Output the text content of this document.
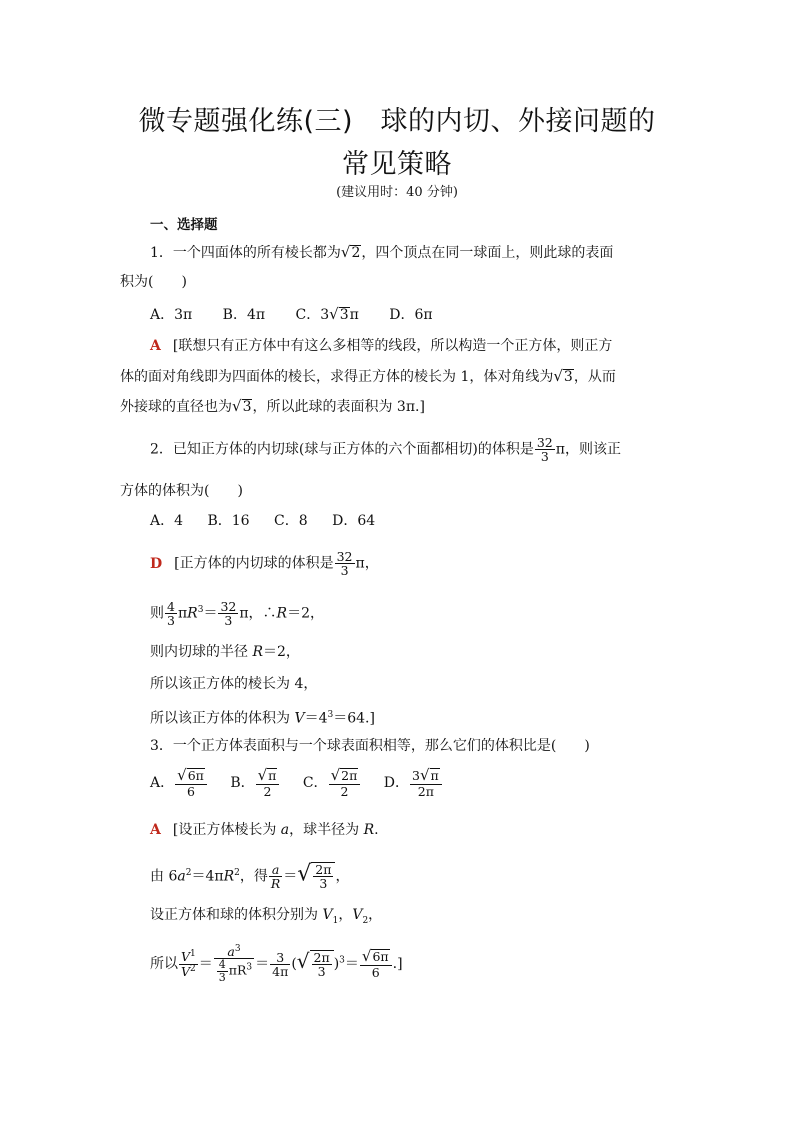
微专题强化练(三)　球的内切、外接问题的
常见策略
(建议用时：40 分钟)
一、选择题
1．一个四面体的所有棱长都为√2，四个顶点在同一球面上，则此球的表面
积为(　　)
A．3π B．4π C．3√3π D．6π
A [联想只有正方体中有这么多相等的线段，所以构造一个正方体，则正方
体的面对角线即为四面体的棱长，求得正方体的棱长为 1，体对角线为√3，从而
外接球的直径也为√3，所以此球的表面积为 3π.]
2．已知正方体的内切球(球与正方体的六个面都相切)的体积是 $\frac{32}{3}$ π，则该正
方体的体积为(　　)
A．4 B．16 C．8 D．64
D [正方体的内切球的体积是 $\frac{32}{3}$ π，
则 $\frac{4}{3} \pi R^3= \frac{32}{3}$ π，∴R＝2，
则内切球的半径 R＝2，
所以该正方体的棱长为 4，
所以该正方体的体积为 $V=4^3=64$.]
3．一个正方体表面积与一个球表面积相等，那么它们的体积比是(　　)
A． $\frac{√6\pi}{6}$ B． $\frac{√\pi}{2}$ C． $\frac{√2\pi}{2}$ D． $\frac{3√\pi}{2\pi}$
A [设正方体棱长为 a，球半径为 R.
由 $6a^2=4\pi R^2$，得 $\frac{a}{R}$ ＝√ $\frac{2\pi}{3}$ ，
设正方体和球的体积分别为 $V_1$，$V_2$，
所以 $\frac{V^1}{V^2} = \frac{a^3}{\frac{4}{3} \pi R^3} = \frac{3}{4\pi}$ (√ $\frac{2\pi}{3} )^3= \frac{√6\pi}{6}$ .]
